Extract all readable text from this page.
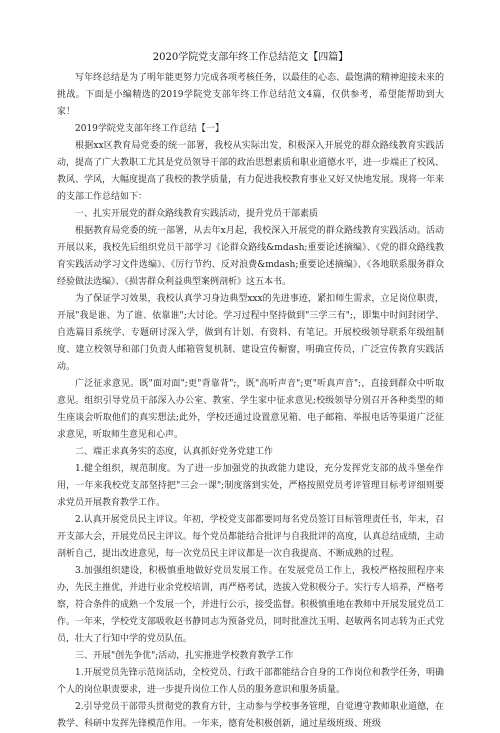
2020学院党支部年终工作总结范文【四篇】

写年终总结是为了明年能更努力完成各项考核任务，以最佳的心态、最饱满的精神迎接未来的挑战。下面是小编精选的2019学院党支部年终工作总结范文4篇，仅供参考，希望能帮助到大家！

2019学院党支部年终工作总结【一】

根据xx区教育局党委的统一部署，我校从实际出发，积极深入开展党的群众路线教育实践活动，提高了广大教职工尤其是党员领导干部的政治思想素质和职业道德水平，进一步端正了校风、教风、学风，大幅度提高了我校的教学质量，有力促进我校教育事业又好又快地发展。现将一年来的支部工作总结如下：

一、扎实开展党的群众路线教育实践活动，提升党员干部素质

根据教育局党委的统一部署，从去年x月起，我校深入开展党的群众路线教育实践活动。活动开展以来，我校先后组织党员干部学习《论群众路线&mdash;重要论述摘编》、《党的群众路线教育实践活动学习文件选编》、《厉行节约、反对浪费&mdash;重要论述摘编》、《各地联系服务群众经验做法选编》、《损害群众利益典型案例剖析》这五本书。

为了保证学习效果，我校认真学习身边典型xxx的先进事迹，紧扣师生需求，立足岗位职责，开展"我是谁、为了谁、依靠谁";大讨论。学习过程中坚持做到"三学三有";，即集中时间封闭学、自选篇目系统学、专题研讨深入学，做到有计划、有资料、有笔记。开展校级领导联系年级组制度、建立校领导和部门负责人邮箱管复机制、建设宣传橱窗，明确宣传员，广泛宣传教育实践活动。

广泛征求意见。既"面对面";更"背靠背";，既"高听声音";更"听真声音";，直接到群众中听取意见。组织引导党员干部深入办公室、教室、学生家中征求意见;校级领导分别召开各种类型的师生座谈会听取他们的真实想法;此外，学校还通过设置意见箱、电子邮箱、举报电话等渠道广泛征求意见，听取师生意见和心声。

二、端正求真务实的态度，认真抓好党务党建工作

1.健全组织，规范制度。为了进一步加强党的执政能力建设，充分发挥党支部的战斗堡垒作用，一年来我校党支部坚持把"三会一课";制度落到实处，严格按照党员考评管理目标考评细则要求党员开展教育教学工作。

2.认真开展党员民主评议。年初，学校党支部都要同每名党员签订目标管理责任书，年末，召开支部大会，开展党员民主评议。每个党员都能结合批评与自我批评的高度，认真总结成绩，主动剖析自己，提出改进意见，每一次党员民主评议都是一次自我提高、不断成熟的过程。

3.加强组织建设，积极慎重地做好党员发展工作。在发展党员工作上，我校严格按照程序来办，先民主推优，并进行业余党校培训，再严格考试，选拔入党积极分子。实行专人培养，严格考察，符合条件的成熟一个发展一个，并进行公示，接受监督。积极慎重地在教师中开展发展党员工作。一年来，学校党支部吸收赵书静同志为预备党员，同时批准沈玉明、赵敏两名同志转为正式党员，壮大了行知中学的党员队伍。

三、开展"创先争优";活动，扎实推进学校教育教学工作

1.开展党员先锋示范岗活动，全校党员、行政干部都能结合自身的工作岗位和教学任务，明确个人的岗位职责要求，进一步提升岗位工作人员的服务意识和服务质量。

2.引导党员干部带头贯彻党的教育方针，主动参与学校事务管理，自觉遵守教师职业道德，在教学、科研中发挥先锋模范作用。一年来，德育处积极创新，通过星级班级、班级
